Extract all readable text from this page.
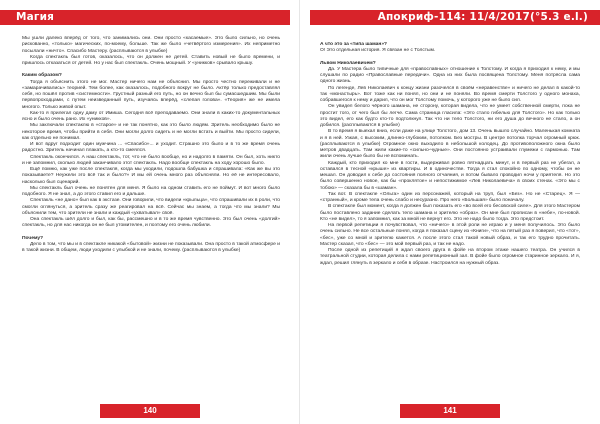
Магия

Мы ушли далеко вперёд от того, что занимались они. Они просто «касаемые». Это было сильно, но очень рискованно, «только» магических, по-моему, больше. Так же было «четвёртого измерения». Их неприметно посылали «ничто». Спасибо Мастеру. (расплываются в улыбке)

Когда спектакль был готов, оказалось, что он должен не детей. Ставить новый не было времени, и пришлось отказаться от детей. Но у нас был спектакль. Очень мощный. У «уникков» срывало крышу.

Каким образом?

Тогда я объяснить этого не мог. Мастер ничего нам не объяснил. Мы просто честно переживали и не «замарачивались» теорией. Тем более, как оказалось, подобного вокруг не было. Актёр только предоставлял себя, но пошёл против «системности». Грустный разный его путь, но он вечно был бы сумасшедшим. Мы были первопроходцами, с путем неизведанный путь, изучаясь вперёд, «слепая голова». «Теория» же не имела многого. Только живой опыт.

Как-то я прилегал одну даму от Имиша. Сегодня всё преподаваемо. Они знали в каких-то документальных ясно и было очень рано. Их «уникков».

Мы заключали спектаклю в «старое» и не так понятно, как это было людям. Зритель необходимо было не некоторое время, чтобы прийти в себя. Они могли долго сидеть и не могли встать и выйти. Мы просто сидели, как отдельно не понимал.

И вот вдруг подходит один мужчина ... «Спасибо»... и уходит. Страшно это было и в то же время очень радостно. Зритель начинал плакать, а кто-то смеялся.

Спектакль окончился. А наш спектакль, тот, что не было вообще, но и надолго в памяти. Он был, хоть никто и не запомнил, сколько людей заканчивало этот спектакль. Надо вообще спектакль на ходу хорошо было.

Ещё помню, как уже после спектакля, когда мы уходили, подошла бабушка и спрашивала: «Как же вы это показываете? Неужели это всё так и было?» И мы ей очень много раз объясняли. Но её не интересовало, насколько был сценарий.

Мы спектакль был очень не понятен для меня. Я было на одном ставить его не поймут. И вот много было подобного. Я не знал, а до этого ставил его и дальше.

Спектакль «не дано» был как в экстазе. Они говорили, что видели «крыльца», что спрашивали их в роли, что смогли оглянуться, а зритель сразу же реагировал на всё. Сейчас мы знаем, а тогда что мы знали? Мы объяснили тем, что зрители не знали и каждый «ухватывал» своё.

Она спектакль шёл долго и был, как бы, рассмешно и в то же время чувственно. Это был очень «долгий» спектакль, но для нас никогда он не был утомителен, и поэтому его очень любили.

Почему?

Дело в том, что мы и в спектакле никакой «бытовой» жизни не показывали. Она просто в такой атмосфере и в такой жизни. В общем, люди уходили с улыбкой и не знали, почему. (расплываются в улыбке)

140
Апокриф-114: 11/4/2017(°5.3 е.l.)

А что это за «типа шаман»?

О! Это отдельная история. Я связан не с Толстым.

Львом Николаевичем?

Да. У Мастера было типичные для «православных» отношение к Толстому. И когда я приходил к нему, и мы слушали по радио «Православные передачи». Одна из них была посвящена Толстому. Меня потрясла сама одного жизнь.

По легенде, Лев Николаевич к концу жизни разочелся в своём «неравенстве» и ничего не делал в какой-то так «монастырь». Вот тоже как ни понял, но они и не поняли. Во время смерти Толстого у одного монаха, собравшегося к нему и дарил, что он мог Толстому помочь, у которого уже не было сил.

Он увидел белого чёрного шамана, не сторону, которая видела, что не умеет собственной смерти, пока не простит того, от чего был бы легче. Сама страница гласила: «Это стало гибелью для Толстого». Но как только это видел, его как будто кто-то подтолкнул. Так что ни тело Толстого, ни его душа до вечного не стало, а он добился. (расплываются в улыбке)

В то время я выехал вниз, если даже на улице Толстого, дом 13. Очень вышло случайно. Маленькая комната и я в ней. Узкая, с высоким, длинно-глубоким, потолком. Без мостры. В центре потолка торчал огромный крюк. (расплываются в улыбке) Огромное окно выходило в небольшой колодец. До противоположного окна было метров двадцать. Там жили какие-то «сильно-чудные». Они постоянно устраивали глумежи с гармонью. Там жили очень лучше было бы не вспоминать.

Каждый, кто приходил ко мне в гости, выдерживал ровно пятнадцать минут, и в первый раз не убегал, а оставался в тесной «крыше» из квартиры. И в одиночестве. Тогда я стал спокойно по одному, чтобы он не мешал. Он доводил к себе до состояния полного отчаяния, и потом бывало проводил ночи у приятеля. Но это было совершенно новое, как бы «проклятое» и непостижимое «Лев Николаевича» в своих стенах. «Это мы с тобою» — сказала бы в «шаман».

Так вот. В спектакле «Ольга» один из персонажей, который на труп, был «Без». Но не «Старец». Я — «странный», и кроме тела очень слабо и несуразно. Про него «Большая» было поначалу.

В спектакле был момент, когда я должен был показать его «во всей его бесовской силе». Для этого Мастером было поставлено задание сделать тело шамана и зрителю «образ». Он мне был прописан в «небе», по-новой. Кто «не видел», то я запомнил, как за мной не вернут его. Это не надо было тогда. Это предстоит.

На первой репетиции я почувствовал, что «ничего» в этой роли не играю и у меня получилось. Это было очень сильно. Не все остальные понял, когда я показал сцену из «Книги», что на пятый раз я поверил, что «тот», «бес», уже со мной и зрителю кажется. А после этого стал такой новый образ, и так его трудно прочитать. Мастер сказал, что «бес» — это мой первый раз, и так не надо.

После одной из репетиций я ждал своего друга в фойе на втором этаже нашего театра. Он учился в театральной студии, которая делила с нами репетиционный зал. В фойе было огромное старинное зеркало. И я, ждал, решил глянуть в зеркало и себя в образе. Настроился на нужный образ.

141
